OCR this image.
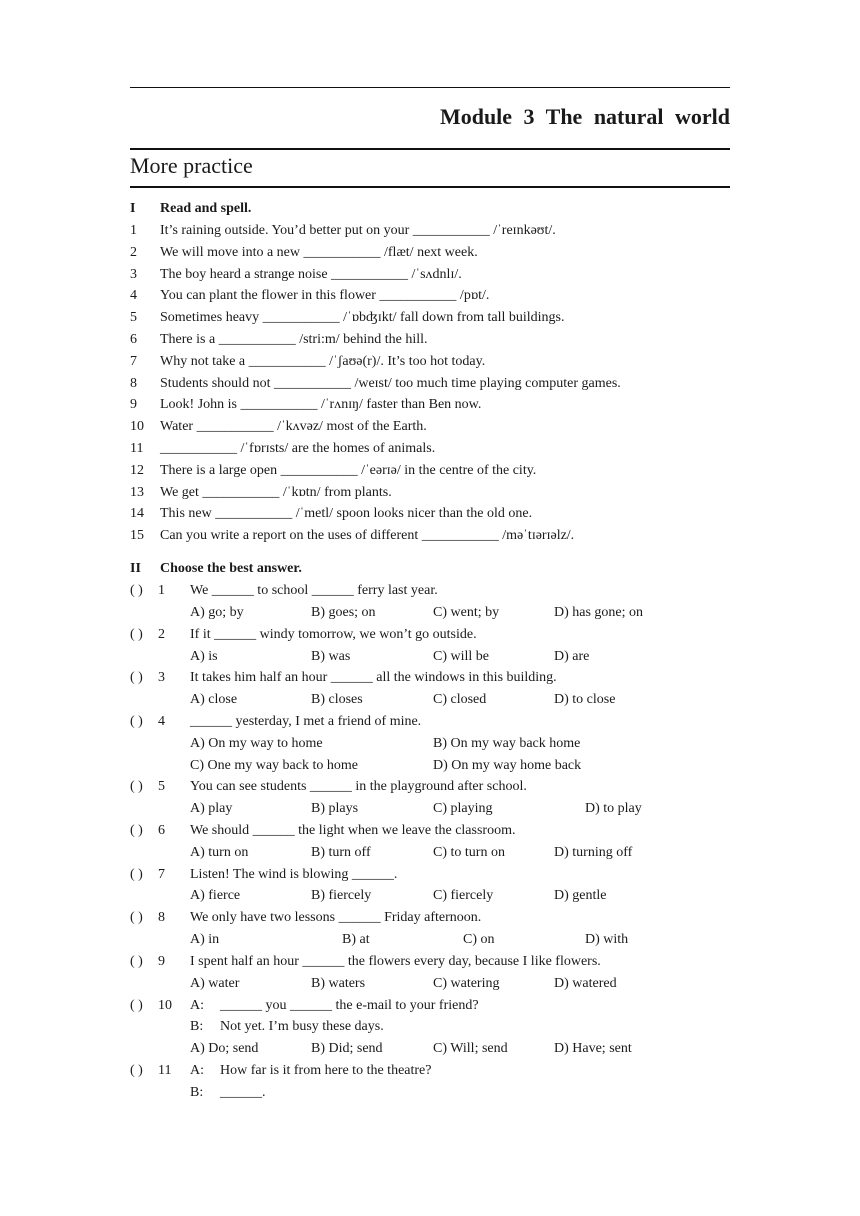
Module 3 The natural world
More practice
I Read and spell.
1 It’s raining outside. You’d better put on your ___________ /ˈreɪnkəʊt/.
2 We will move into a new ___________ /flæt/ next week.
3 The boy heard a strange noise ___________ /ˈsʌdnlɪ/.
4 You can plant the flower in this flower ___________ /pɒt/.
5 Sometimes heavy ___________ /ˈɒbʤɪkt/ fall down from tall buildings.
6 There is a ___________ /stri:m/ behind the hill.
7 Why not take a ___________ /ˈʃaʊə(r)/. It’s too hot today.
8 Students should not ___________ /weɪst/ too much time playing computer games.
9 Look! John is ___________ /ˈrʌnɪŋ/ faster than Ben now.
10 Water ___________ /ˈkʌvəz/ most of the Earth.
11 ___________ /ˈfɒrɪsts/ are the homes of animals.
12 There is a large open ___________ /ˈeərɪə/ in the centre of the city.
13 We get ___________ /ˈkɒtn/ from plants.
14 This new ___________ /ˈmetl/ spoon looks nicer than the old one.
15 Can you write a report on the uses of different ___________ /məˈtɪərɪəlz/.
II Choose the best answer.
( ) 1 We ______ to school ______ ferry last year.
A) go; by	B) goes; on	C) went; by	D) has gone; on
( ) 2 If it ______ windy tomorrow, we won’t go outside.
A) is	B) was	C) will be	D) are
( ) 3 It takes him half an hour ______ all the windows in this building.
A) close	B) closes	C) closed	D) to close
( ) 4 ______ yesterday, I met a friend of mine.
A) On my way to home	B) On my way back home
C) One my way back to home	D) On my way home back
( ) 5 You can see students ______ in the playground after school.
A) play	B) plays	C) playing	D) to play
( ) 6 We should ______ the light when we leave the classroom.
A) turn on	B) turn off	C) to turn on	D) turning off
( ) 7 Listen! The wind is blowing ______.
A) fierce	B) fiercely	C) fiercely	D) gentle
( ) 8 We only have two lessons ______ Friday afternoon.
A) in	B) at	C) on	D) with
( ) 9 I spent half an hour ______ the flowers every day, because I like flowers.
A) water	B) waters	C) watering	D) watered
( ) 10 A: ______ you ______ the e-mail to your friend?
B: Not yet. I’m busy these days.
A) Do; send	B) Did; send	C) Will; send	D) Have; sent
( ) 11 A: How far is it from here to the theatre?
B: ______.
